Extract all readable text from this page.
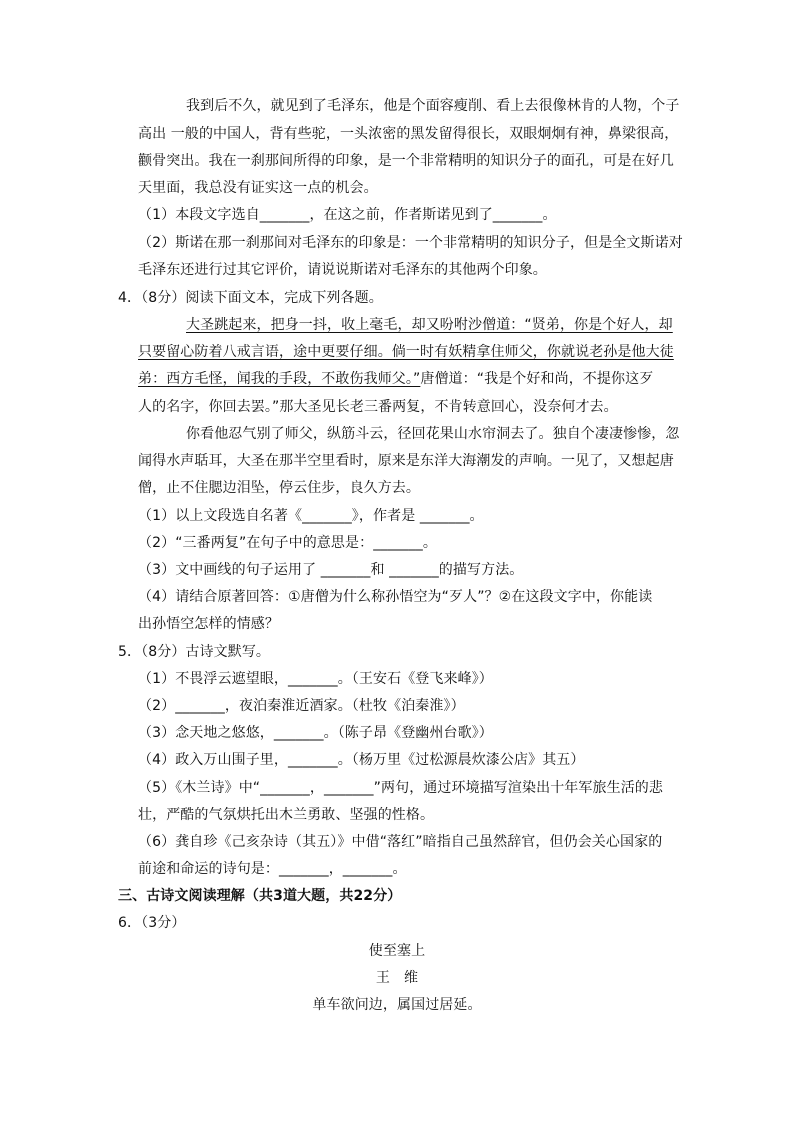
我到后不久，就见到了毛泽东，他是个面容瘦削、看上去很像林肯的人物，个子
高出 一般的中国人，背有些驼，一头浓密的黑发留得很长，双眼炯炯有神，鼻梁很高，
颧骨突出。我在一刹那间所得的印象，是一个非常精明的知识分子的面孔，可是在好几
天里面，我总没有证实这一点的机会。
（1）本段文字选自_______，在这之前，作者斯诺见到了_______。
（2）斯诺在那一刹那间对毛泽东的印象是：一个非常精明的知识分子，但是全文斯诺对
毛泽东还进行过其它评价，请说说斯诺对毛泽东的其他两个印象。
4．（8分）阅读下面文本，完成下列各题。
大圣跳起来，把身一抖，收上毫毛，却又吩咐沙僧道：“贤弟，你是个好人，却
只要留心防着八戒言语，途中更要仔细。倘一时有妖精拿住师父，你就说老孙是他大徒
弟：西方毛怪，闻我的手段，不敢伤我师父。”唐僧道：“我是个好和尚，不提你这歹
人的名字，你回去罢。”那大圣见长老三番两复，不肯转意回心，没奈何才去。
你看他忍气别了师父，纵筋斗云，径回花果山水帘洞去了。独自个凄凄惨惨，忽
闻得水声聒耳，大圣在那半空里看时，原来是东洋大海潮发的声响。一见了，又想起唐
僧，止不住腮边泪坠，停云住步，良久方去。
（1）以上文段选自名著《_______》，作者是 _______。
（2）“三番两复”在句子中的意思是：_______。
（3）文中画线的句子运用了 _______和 _______的描写方法。
（4）请结合原著回答：①唐僧为什么称孙悟空为“歹人”？②在这段文字中，你能读
出孙悟空怎样的情感？
5．（8分）古诗文默写。
（1）不畏浮云遮望眼，_______。（王安石《登飞来峰》）
（2）_______，夜泊秦淮近酒家。（杜牧《泊秦淮》）
（3）念天地之悠悠，_______。（陈子昂《登幽州台歌》）
（4）政入万山围子里，_______。（杨万里《过松源晨炊漆公店》其五）
（5）《木兰诗》中“_______，_______”两句，通过环境描写渲染出十年军旅生活的悲
壮，严酷的气氛烘托出木兰勇敢、坚强的性格。
（6）龚自珍《己亥杂诗（其五）》中借“落红”暗指自己虽然辞官，但仍会关心国家的
前途和命运的诗句是：_______，_______。
三、古诗文阅读理解（共3道大题，共22分）
6．（3分）
使至塞上
王　维
单车欲问边，属国过居延。
